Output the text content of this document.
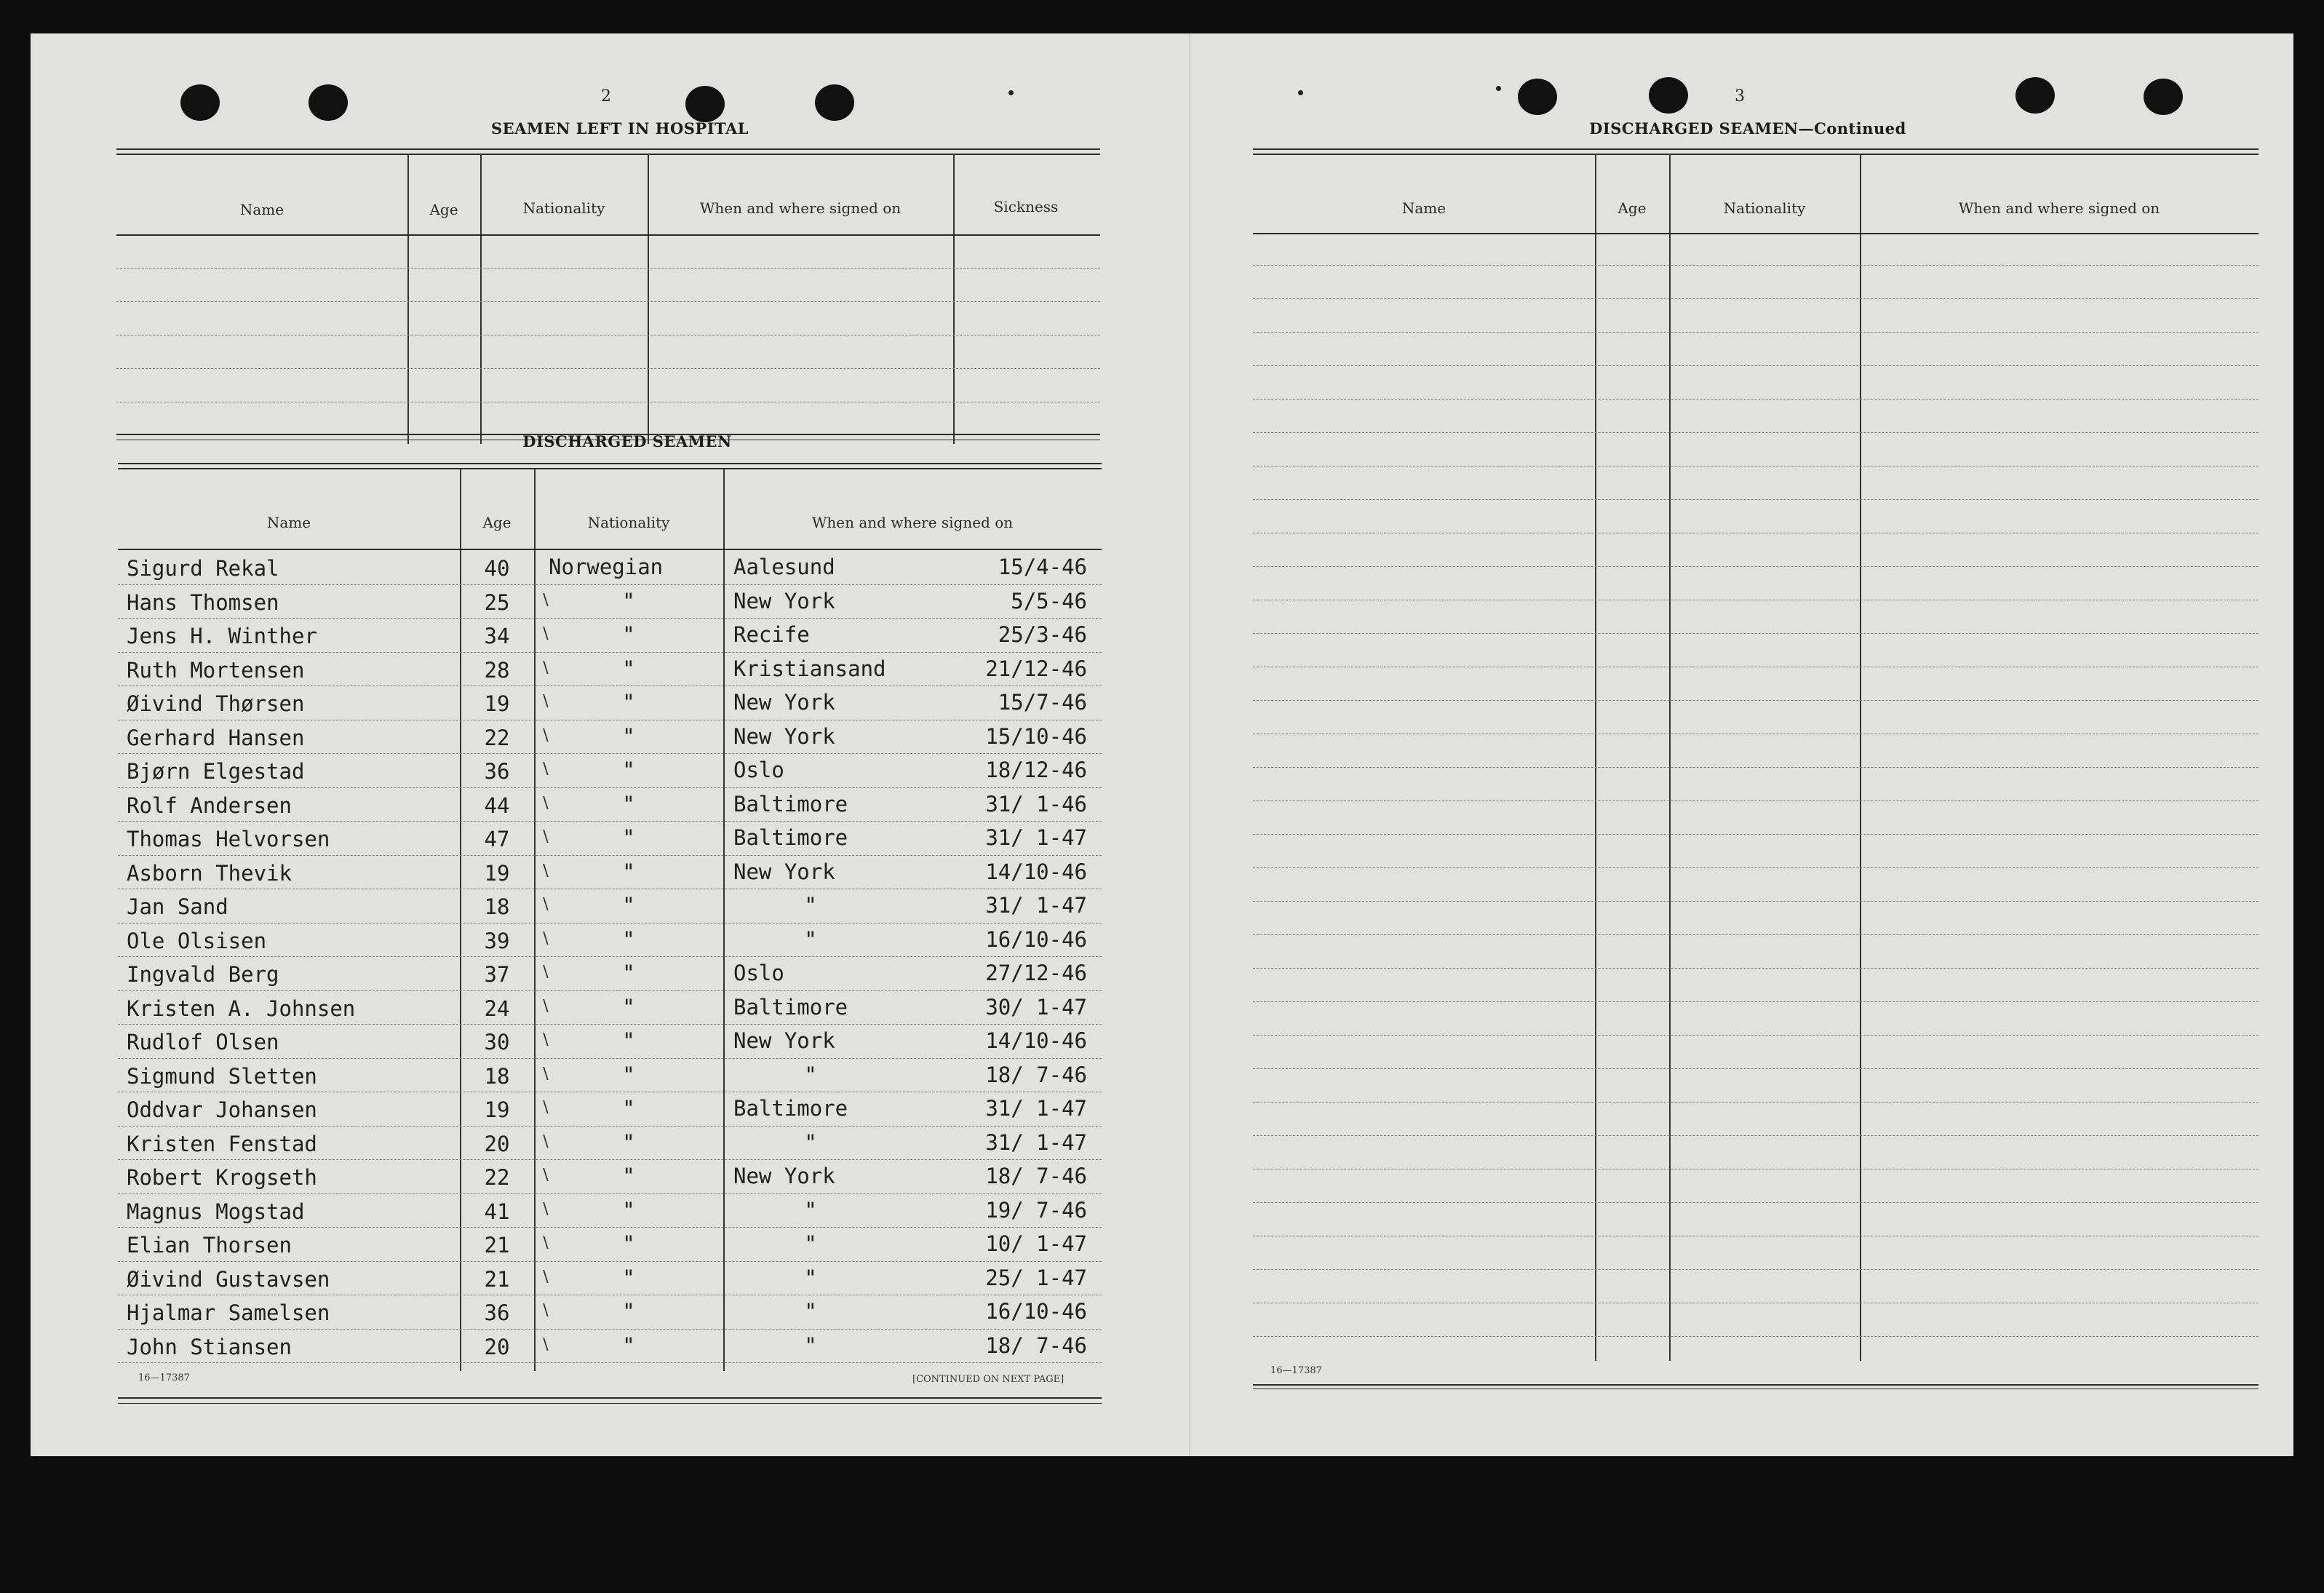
2
SEAMEN LEFT IN HOSPITAL
Name	Age	Nationality	When and where signed on	Sickness
DISCHARGED SEAMEN
Name	Age	Nationality	When and where signed on
Sigurd Rekal	40	Norwegian	Aalesund	15/4-46
Hans Thomsen	25	∖	"	New York	5/5-46
Jens H. Winther	34	∖	"	Recife	25/3-46
Ruth Mortensen	28	∖	"	Kristiansand	21/12-46
Øivind Thørsen	19	∖	"	New York	15/7-46
Gerhard Hansen	22	∖	"	New York	15/10-46
Bjørn Elgestad	36	∖	"	Oslo	18/12-46
Rolf Andersen	44	∖	"	Baltimore	31/ 1-46
Thomas Helvorsen	47	∖	"	Baltimore	31/ 1-47
Asborn Thevik	19	∖	"	New York	14/10-46
Jan Sand	18	∖	"	"	31/ 1-47
Ole Olsisen	39	∖	"	"	16/10-46
Ingvald Berg	37	∖	"	Oslo	27/12-46
Kristen A. Johnsen	24	∖	"	Baltimore	30/ 1-47
Rudlof Olsen	30	∖	"	New York	14/10-46
Sigmund Sletten	18	∖	"	"	18/ 7-46
Oddvar Johansen	19	∖	"	Baltimore	31/ 1-47
Kristen Fenstad	20	∖	"	"	31/ 1-47
Robert Krogseth	22	∖	"	New York	18/ 7-46
Magnus Mogstad	41	∖	"	"	19/ 7-46
Elian Thorsen	21	∖	"	"	10/ 1-47
Øivind Gustavsen	21	∖	"	"	25/ 1-47
Hjalmar Samelsen	36	∖	"	"	16/10-46
John Stiansen	20	∖	"	"	18/ 7-46
16—17387	[CONTINUED ON NEXT PAGE]
3
DISCHARGED SEAMEN—Continued
Name	Age	Nationality	When and where signed on
16—17387
